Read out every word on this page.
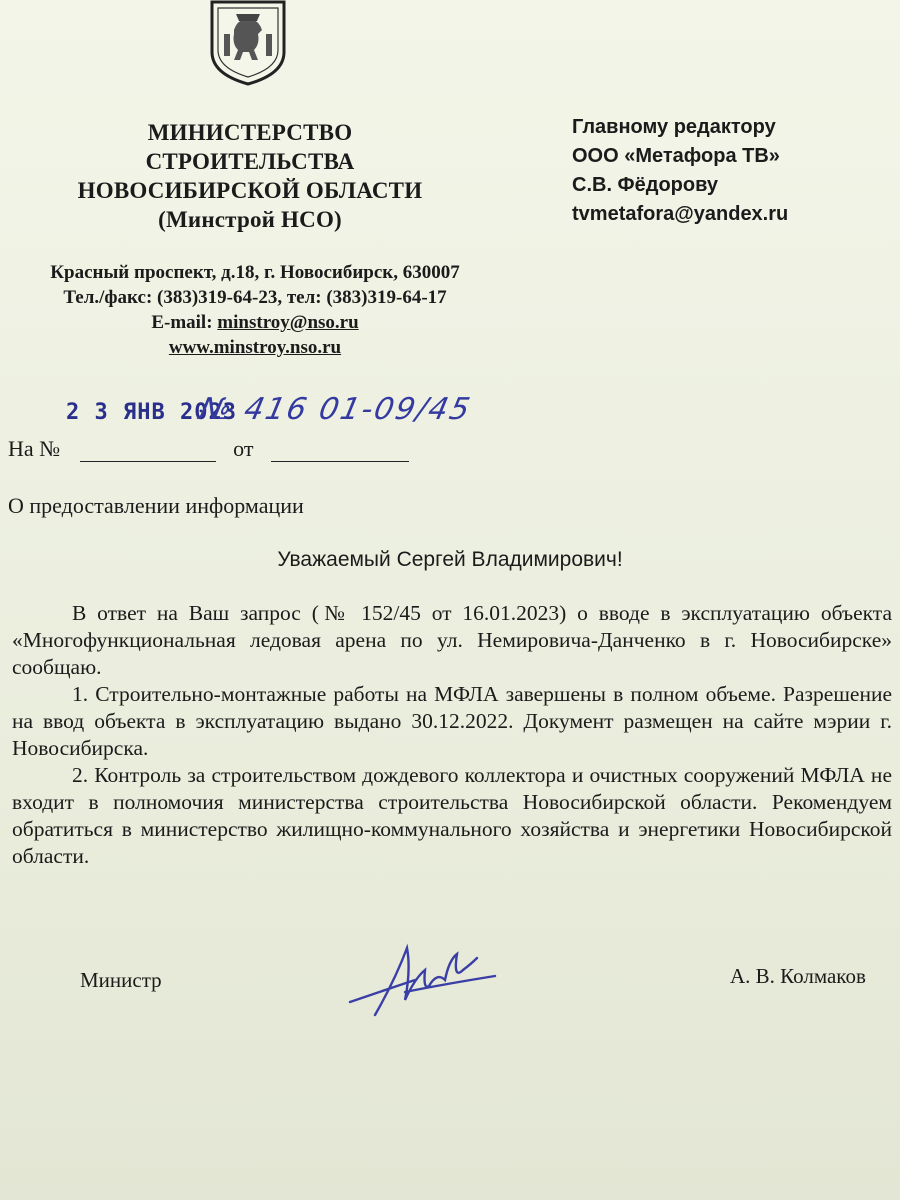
МИНИСТЕРСТВО
СТРОИТЕЛЬСТВА
НОВОСИБИРСКОЙ ОБЛАСТИ
(Минстрой НСО)
Главному редактору
ООО «Метафора ТВ»
С.В. Фёдорову
tvmetafora@yandex.ru
Красный проспект, д.18, г. Новосибирск, 630007
Тел./факс: (383)319-64-23, тел: (383)319-64-17
E-mail: minstroy@nso.ru
www.minstroy.nso.ru
2 3 ЯНВ 2023
№ 416 01-09/45
На №	от
О предоставлении информации
Уважаемый Сергей Владимирович!

В ответ на Ваш запрос (№ 152/45 от 16.01.2023) о вводе в эксплуатацию объекта «Многофункциональная ледовая арена по ул. Немировича-Данченко в г. Новосибирске» сообщаю.

1. Строительно-монтажные работы на МФЛА завершены в полном объеме. Разрешение на ввод объекта в эксплуатацию выдано 30.12.2022. Документ размещен на сайте мэрии г. Новосибирска.

2. Контроль за строительством дождевого коллектора и очистных сооружений МФЛА не входит в полномочия министерства строительства Новосибирской области. Рекомендуем обратиться в министерство жилищно-коммунального хозяйства и энергетики Новосибирской области.

Министр	А. В. Колмаков
